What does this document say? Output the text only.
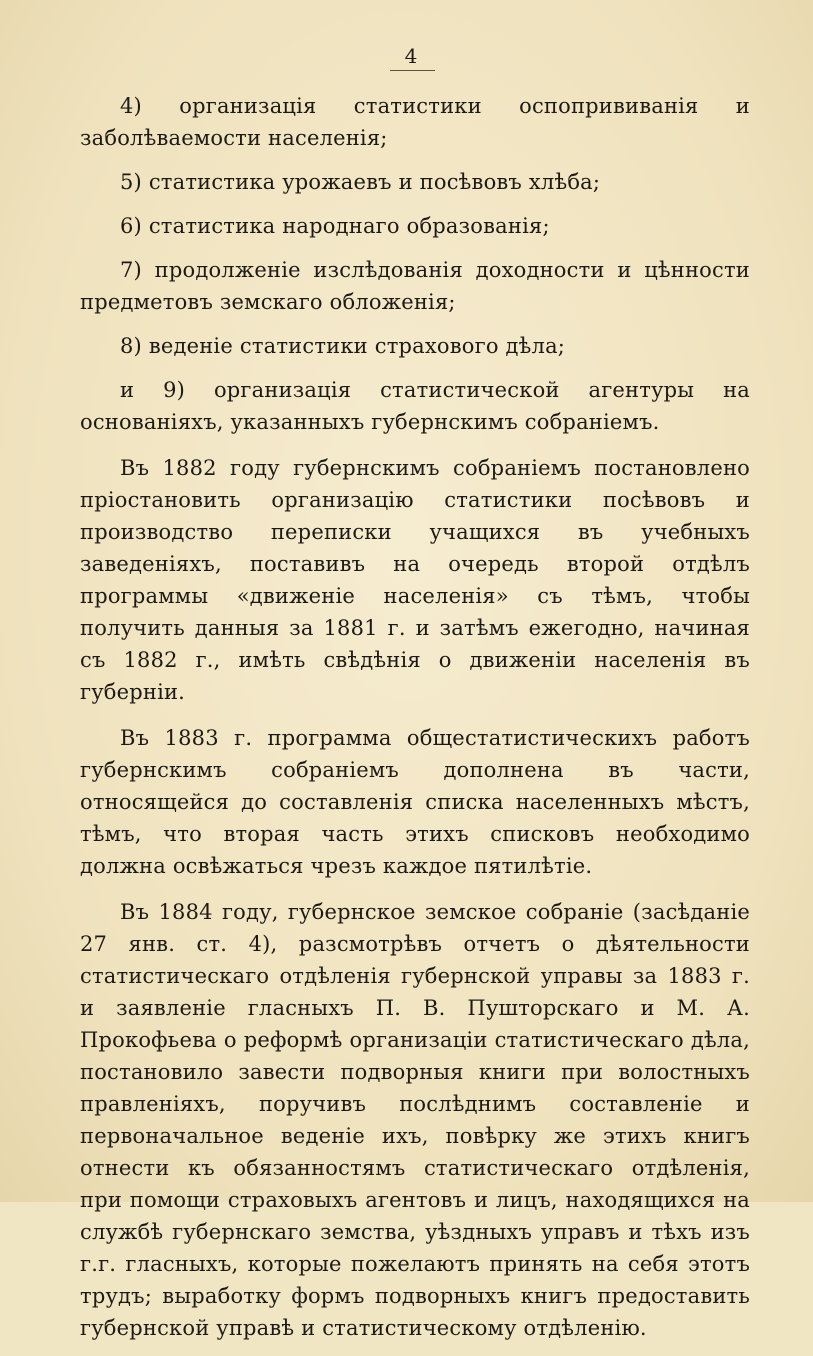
4

4) организація статистики оспопрививанія и заболѣваемости населенія;

5) статистика урожаевъ и посѣвовъ хлѣба;

6) статистика народнаго образованія;

7) продолженіе изслѣдованія доходности и цѣнности предметовъ земскаго обложенія;

8) веденіе статистики страхового дѣла;

и 9) организація статистической агентуры на основаніяхъ, указанныхъ губернскимъ собраніемъ.

Въ 1882 году губернскимъ собраніемъ постановлено пріостановить организацію статистики посѣвовъ и производство переписки учащихся въ учебныхъ заведеніяхъ, поставивъ на очередь второй отдѣлъ программы «движеніе населенія» съ тѣмъ, чтобы получить данныя за 1881 г. и затѣмъ ежегодно, начиная съ 1882 г., имѣть свѣдѣнія о движеніи населенія въ губерніи.

Въ 1883 г. программа общестатистическихъ работъ губернскимъ собраніемъ дополнена въ части, относящейся до составленія списка населенныхъ мѣстъ, тѣмъ, что вторая часть этихъ списковъ необходимо должна освѣжаться чрезъ каждое пятилѣтіе.

Въ 1884 году, губернское земское собраніе (засѣданіе 27 янв. ст. 4), разсмотрѣвъ отчетъ о дѣятельности статистическаго отдѣленія губернской управы за 1883 г. и заявленіе гласныхъ П. В. Пушторскаго и М. А. Прокофьева о реформѣ организаціи статистическаго дѣла, постановило завести подворныя книги при волостныхъ правленіяхъ, поручивъ послѣднимъ составленіе и первоначальное веденіе ихъ, повѣрку же этихъ книгъ отнести къ обязанностямъ статистическаго отдѣленія, при помощи страховыхъ агентовъ и лицъ, находящихся на службѣ губернскаго земства, уѣздныхъ управъ и тѣхъ изъ г.г. гласныхъ, которые пожелаютъ принять на себя этотъ трудъ; выработку формъ подворныхъ книгъ предоставить губернской управѣ и статистическому отдѣленію.
